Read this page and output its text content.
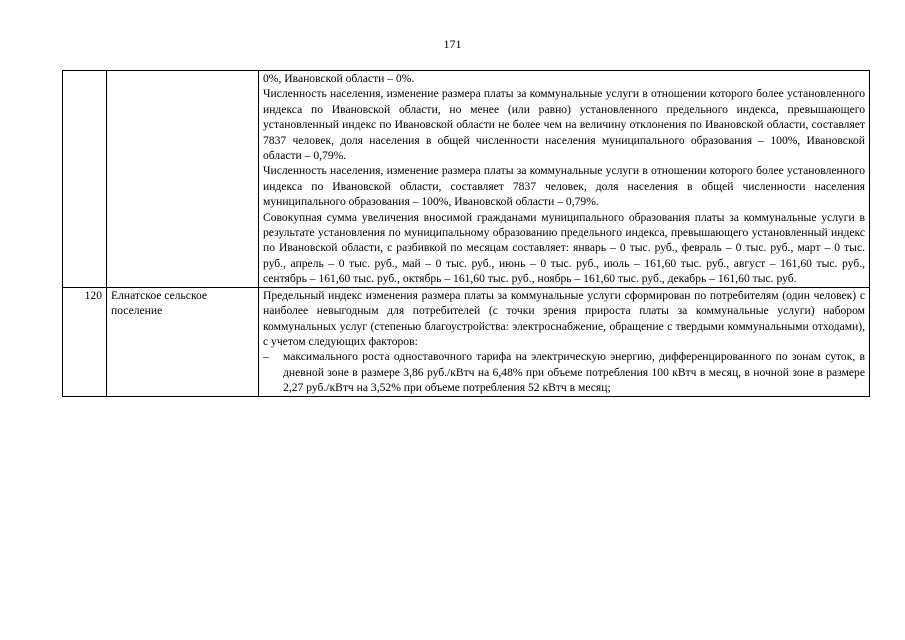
171

		0%, Ивановской области – 0%.

Численность населения, изменение размера платы за коммунальные услуги в отношении которого более установленного индекса по Ивановской области, но менее (или равно) установленного предельного индекса, превышающего установленный индекс по Ивановской области не более чем на величину отклонения по Ивановской области, составляет 7837 человек, доля населения в общей численности населения муниципального образования – 100%, Ивановской области – 0,79%.

Численность населения, изменение размера платы за коммунальные услуги в отношении которого более установленного индекса по Ивановской области, составляет 7837 человек, доля населения в общей численности населения муниципального образования – 100%, Ивановской области – 0,79%.

Совокупная сумма увеличения вносимой гражданами муниципального образования платы за коммунальные услуги в результате установления по муниципальному образованию предельного индекса, превышающего установленный индекс по Ивановской области, с разбивкой по месяцам составляет: январь – 0 тыс. руб., февраль – 0 тыс. руб., март – 0 тыс. руб., апрель – 0 тыс. руб., май – 0 тыс. руб., июнь – 0 тыс. руб., июль – 161,60 тыс. руб., август – 161,60 тыс. руб., сентябрь – 161,60 тыс. руб., октябрь – 161,60 тыс. руб., ноябрь – 161,60 тыс. руб., декабрь – 161,60 тыс. руб.

120	Елнатское сельское поселение	Предельный индекс изменения размера платы за коммунальные услуги сформирован по потребителям (один человек) с наиболее невыгодным для потребителей (с точки зрения прироста платы за коммунальные услуги) набором коммунальных услуг (степенью благоустройства: электроснабжение, обращение с твердыми коммунальными отходами), с учетом следующих факторов:

– максимального роста одноставочного тарифа на электрическую энергию, дифференцированного по зонам суток, в дневной зоне в размере 3,86 руб./кВтч на 6,48% при объеме потребления 100 кВтч в месяц, в ночной зоне в размере 2,27 руб./кВтч на 3,52% при объеме потребления 52 кВтч в месяц;
